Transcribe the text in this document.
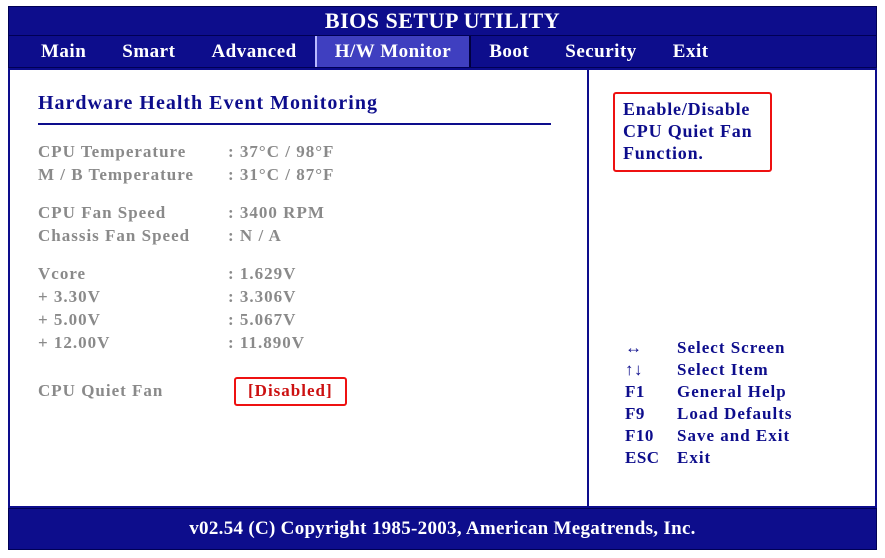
BIOS SETUP UTILITY
Main	Smart	Advanced	H/W Monitor	Boot	Security	Exit
Hardware Health Event Monitoring
CPU Temperature	: 37°C / 98°F
M / B Temperature	: 31°C / 87°F
CPU Fan Speed	: 3400 RPM
Chassis Fan Speed	: N / A
Vcore	: 1.629V
+ 3.30V	: 3.306V
+ 5.00V	: 5.067V
+ 12.00V	: 11.890V
CPU Quiet Fan	[Disabled]
Enable/Disable
CPU Quiet Fan
Function.
↔	Select Screen
↑↓	Select Item
F1	General Help
F9	Load Defaults
F10	Save and Exit
ESC	Exit
v02.54 (C) Copyright 1985-2003, American Megatrends, Inc.
